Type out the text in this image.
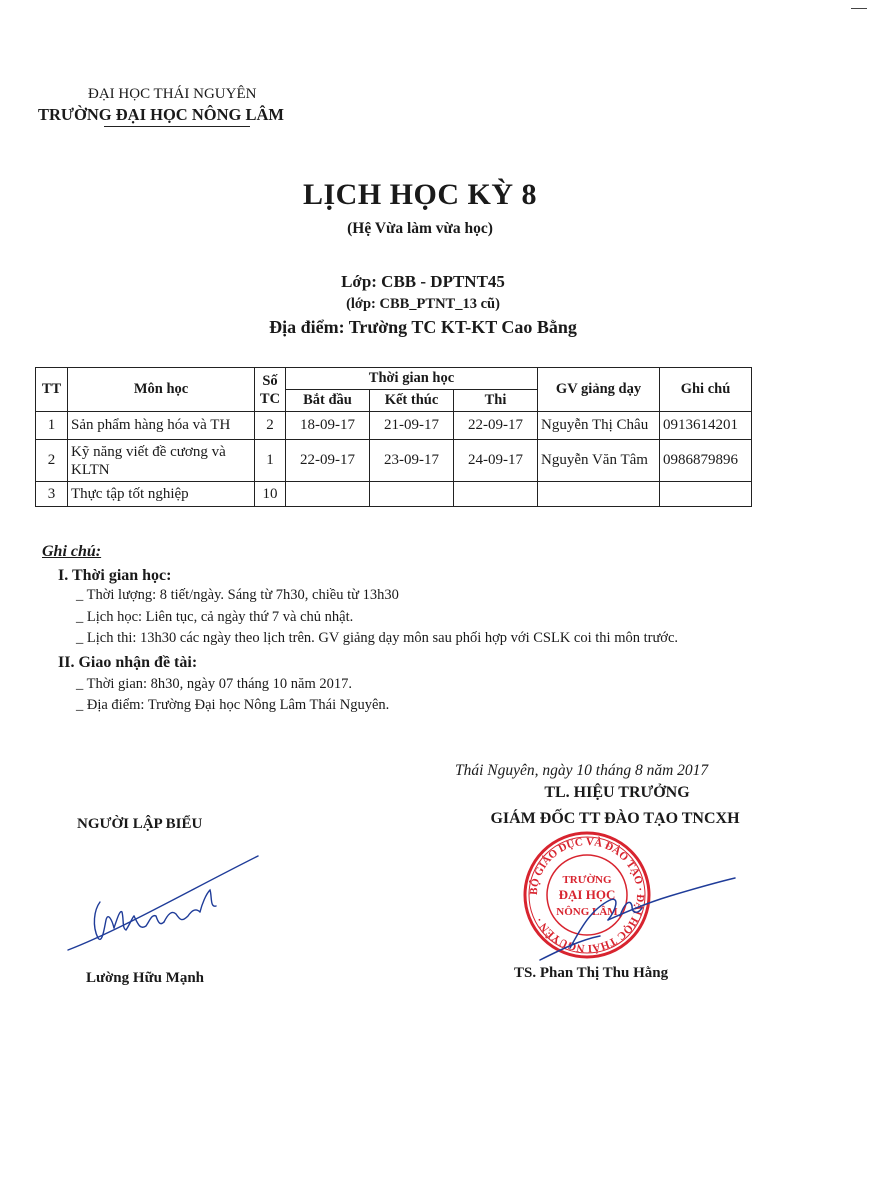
ĐẠI HỌC THÁI NGUYÊN
TRƯỜNG ĐẠI HỌC NÔNG LÂM
LỊCH HỌC KỲ 8
(Hệ Vừa làm vừa học)
Lớp: CBB - DPTNT45
(lớp: CBB_PTNT_13 cũ)
Địa điểm: Trường TC KT-KT Cao Bằng
TT	Môn học	Số TC	Thời gian học			GV giảng dạy	Ghi chú
			Bắt đầu	Kết thúc	Thi		
1	Sản phẩm hàng hóa và TH	2	18-09-17	21-09-17	22-09-17	Nguyễn Thị Châu	0913614201
2	Kỹ năng viết đề cương và KLTN	1	22-09-17	23-09-17	24-09-17	Nguyễn Văn Tâm	0986879896
3	Thực tập tốt nghiệp	10					
Ghi chú:
I. Thời gian học:
_ Thời lượng: 8 tiết/ngày. Sáng từ 7h30, chiều từ 13h30
_ Lịch học: Liên tục, cả ngày thứ 7 và chủ nhật.
_ Lịch thi: 13h30 các ngày theo lịch trên. GV giảng dạy môn sau phối hợp với CSLK coi thi môn trước.
II. Giao nhận đề tài:
_ Thời gian: 8h30, ngày 07 tháng 10 năm 2017.
_ Địa điểm: Trường Đại học Nông Lâm Thái Nguyên.
Thái Nguyên, ngày 10 tháng 8 năm 2017
TL. HIỆU TRƯỞNG
GIÁM ĐỐC TT ĐÀO TẠO TNCXH
NGƯỜI LẬP BIỂU
BỘ GIÁO DỤC VÀ ĐÀO TẠO · ĐẠI HỌC THÁI NGUYÊN ·
TRƯỜNG
ĐẠI HỌC
NÔNG LÂM
Lường Hữu Mạnh	TS. Phan Thị Thu Hằng
